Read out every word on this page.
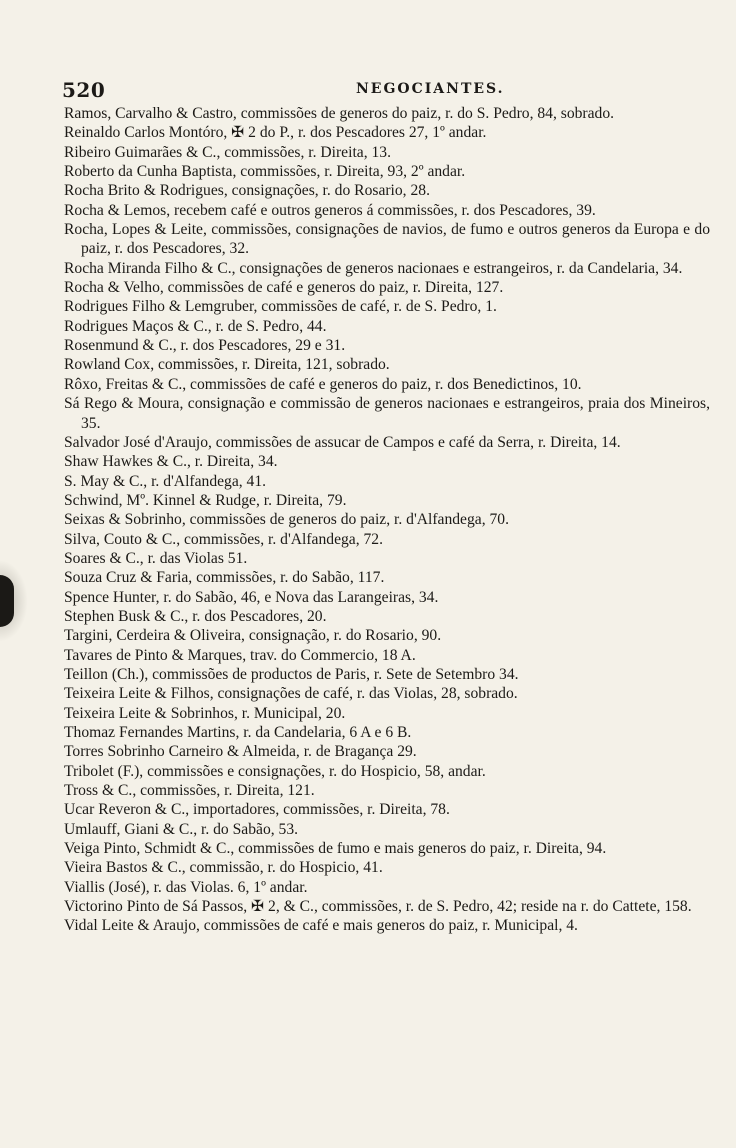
520	NEGOCIANTES.
Ramos, Carvalho & Castro, commissões de generos do paiz, r. do S. Pedro, 84, sobrado.
Reinaldo Carlos Montóro, ✠ 2 do P., r. dos Pescadores 27, 1º andar.
Ribeiro Guimarães & C., commissões, r. Direita, 13.
Roberto da Cunha Baptista, commissões, r. Direita, 93, 2º andar.
Rocha Brito & Rodrigues, consignações, r. do Rosario, 28.
Rocha & Lemos, recebem café e outros generos á commissões, r. dos Pescadores, 39.
Rocha, Lopes & Leite, commissões, consignações de navios, de fumo e outros generos da Europa e do paiz, r. dos Pescadores, 32.
Rocha Miranda Filho & C., consignações de generos nacionaes e estrangeiros, r. da Candelaria, 34.
Rocha & Velho, commissões de café e generos do paiz, r. Direita, 127.
Rodrigues Filho & Lemgruber, commissões de café, r. de S. Pedro, 1.
Rodrigues Maços & C., r. de S. Pedro, 44.
Rosenmund & C., r. dos Pescadores, 29 e 31.
Rowland Cox, commissões, r. Direita, 121, sobrado.
Rôxo, Freitas & C., commissões de café e generos do paiz, r. dos Benedictinos, 10.
Sá Rego & Moura, consignação e commissão de generos nacionaes e estrangeiros, praia dos Mineiros, 35.
Salvador José d'Araujo, commissões de assucar de Campos e café da Serra, r. Direita, 14.
Shaw Hawkes & C., r. Direita, 34.
S. May & C., r. d'Alfandega, 41.
Schwind, Mº. Kinnel & Rudge, r. Direita, 79.
Seixas & Sobrinho, commissões de generos do paiz, r. d'Alfandega, 70.
Silva, Couto & C., commissões, r. d'Alfandega, 72.
Soares & C., r. das Violas 51.
Souza Cruz & Faria, commissões, r. do Sabão, 117.
Spence Hunter, r. do Sabão, 46, e Nova das Larangeiras, 34.
Stephen Busk & C., r. dos Pescadores, 20.
Targini, Cerdeira & Oliveira, consignação, r. do Rosario, 90.
Tavares de Pinto & Marques, trav. do Commercio, 18 A.
Teillon (Ch.), commissões de productos de Paris, r. Sete de Setembro 34.
Teixeira Leite & Filhos, consignações de café, r. das Violas, 28, sobrado.
Teixeira Leite & Sobrinhos, r. Municipal, 20.
Thomaz Fernandes Martins, r. da Candelaria, 6 A e 6 B.
Torres Sobrinho Carneiro & Almeida, r. de Bragança 29.
Tribolet (F.), commissões e consignações, r. do Hospicio, 58, andar.
Tross & C., commissões, r. Direita, 121.
Ucar Reveron & C., importadores, commissões, r. Direita, 78.
Umlauff, Giani & C., r. do Sabão, 53.
Veiga Pinto, Schmidt & C., commissões de fumo e mais generos do paiz, r. Direita, 94.
Vieira Bastos & C., commissão, r. do Hospicio, 41.
Viallis (José), r. das Violas. 6, 1º andar.
Victorino Pinto de Sá Passos, ✠ 2, & C., commissões, r. de S. Pedro, 42; reside na r. do Cattete, 158.
Vidal Leite & Araujo, commissões de café e mais generos do paiz, r. Municipal, 4.
